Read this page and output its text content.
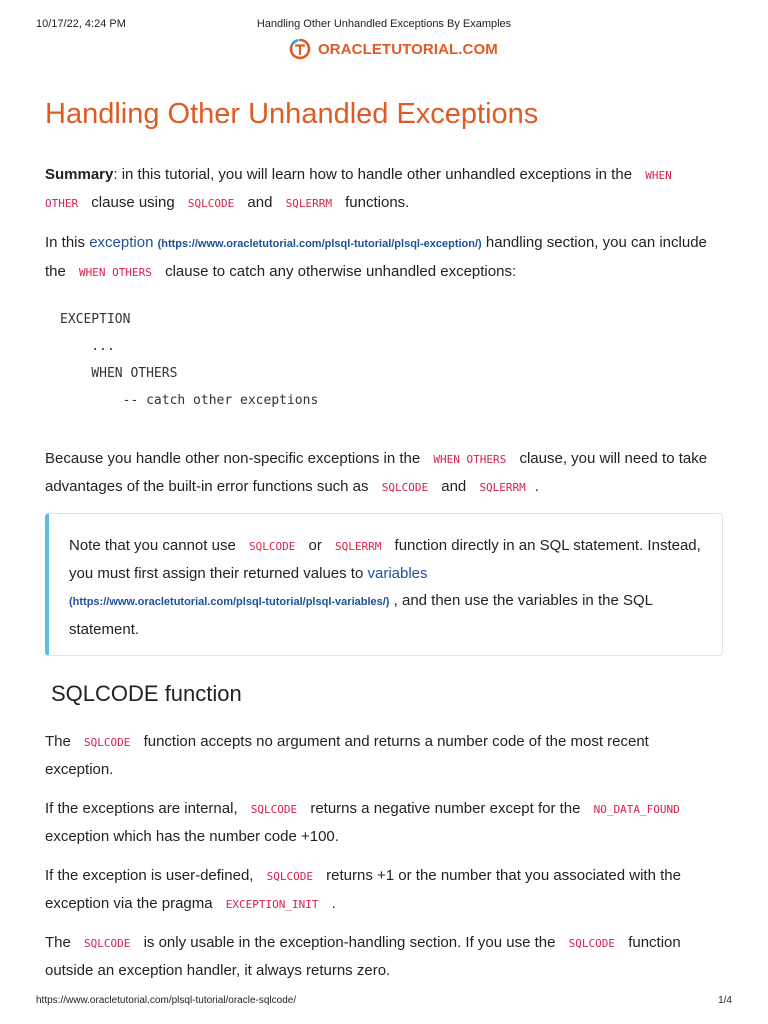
10/17/22, 4:24 PM	Handling Other Unhandled Exceptions By Examples
ORACLETUTORIAL.COM
Handling Other Unhandled Exceptions

Summary: in this tutorial, you will learn how to handle other unhandled exceptions in the WHEN
OTHER clause using SQLCODE and SQLERRM functions.

In this exception (https://www.oracletutorial.com/plsql-tutorial/plsql-exception/) handling section, you can include the WHEN OTHERS clause to catch any otherwise unhandled exceptions:

EXCEPTION
...
WHEN OTHERS
-- catch other exceptions

Because you handle other non-specific exceptions in the WHEN OTHERS clause, you will need to take advantages of the built-in error functions such as SQLCODE and SQLERRM .

Note that you cannot use SQLCODE or SQLERRM function directly in an SQL statement. Instead, you must first assign their returned values to variables
(https://www.oracletutorial.com/plsql-tutorial/plsql-variables/) , and then use the variables in the SQL statement.

SQLCODE function

The SQLCODE function accepts no argument and returns a number code of the most recent exception.

If the exceptions are internal, SQLCODE returns a negative number except for the NO_DATA_FOUND exception which has the number code +100.

If the exception is user-defined, SQLCODE returns +1 or the number that you associated with the exception via the pragma EXCEPTION_INIT .

The SQLCODE is only usable in the exception-handling section. If you use the SQLCODE function outside an exception handler, it always returns zero.

https://www.oracletutorial.com/plsql-tutorial/oracle-sqlcode/	1/4
